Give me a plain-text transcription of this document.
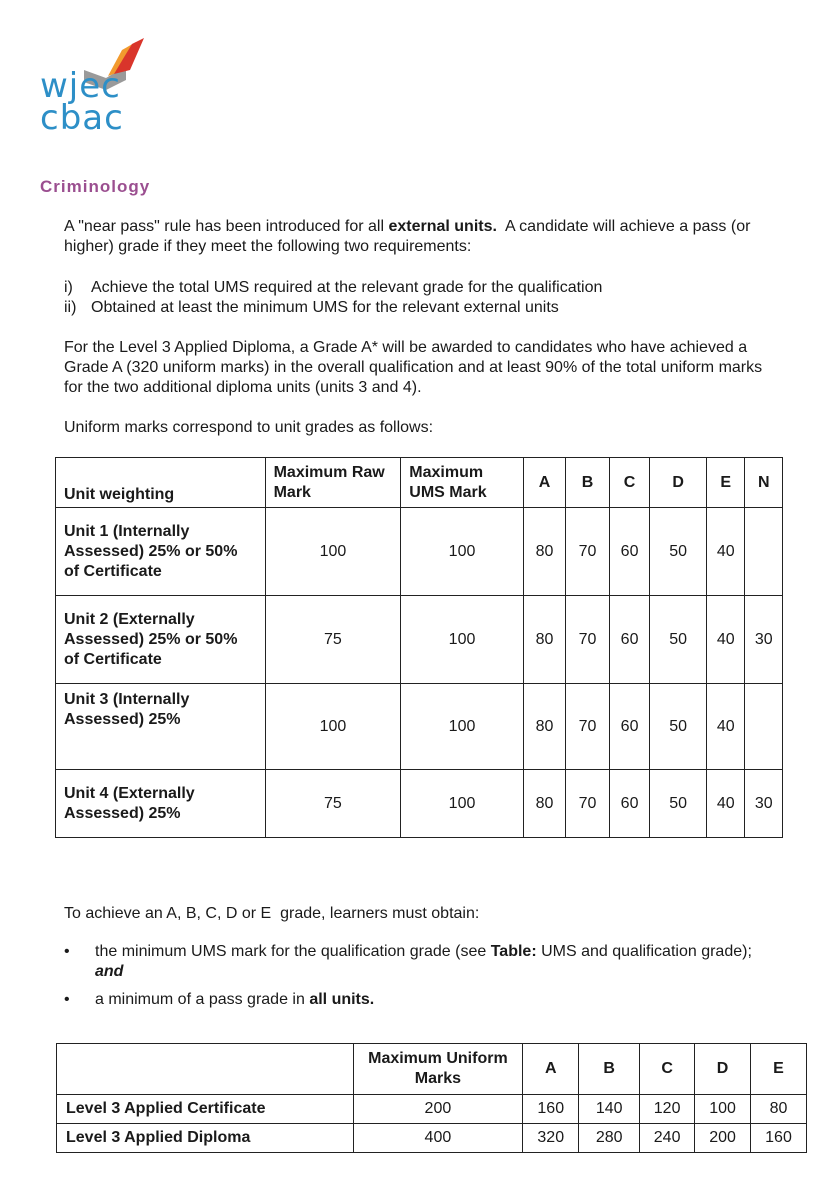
wjec
cbac
Criminology
A "near pass" rule has been introduced for all external units.  A candidate will achieve a pass (or higher) grade if they meet the following two requirements:
i)	Achieve the total UMS required at the relevant grade for the qualification
ii) Obtained at least the minimum UMS for the relevant external units
For the Level 3 Applied Diploma, a Grade A* will be awarded to candidates who have achieved a Grade A (320 uniform marks) in the overall qualification and at least 90% of the total uniform marks for the two additional diploma units (units 3 and 4).
Uniform marks correspond to unit grades as follows:
Unit weighting	Maximum Raw Mark	Maximum UMS Mark	A	B	C	D	E	N
Unit 1 (Internally Assessed) 25% or 50% of Certificate	100	100	80	70	60	50	40	
Unit 2 (Externally Assessed) 25% or 50% of Certificate	75	100	80	70	60	50	40	30
Unit 3 (Internally Assessed) 25%	100	100	80	70	60	50	40	
Unit 4 (Externally Assessed) 25%	75	100	80	70	60	50	40	30
To achieve an A, B, C, D or E  grade, learners must obtain:
•	the minimum UMS mark for the qualification grade (see Table: UMS and qualification grade);
and
•	a minimum of a pass grade in all units.
	Maximum Uniform Marks	A	B	C	D	E
Level 3 Applied Certificate	200	160	140	120	100	80
Level 3 Applied Diploma	400	320	280	240	200	160
